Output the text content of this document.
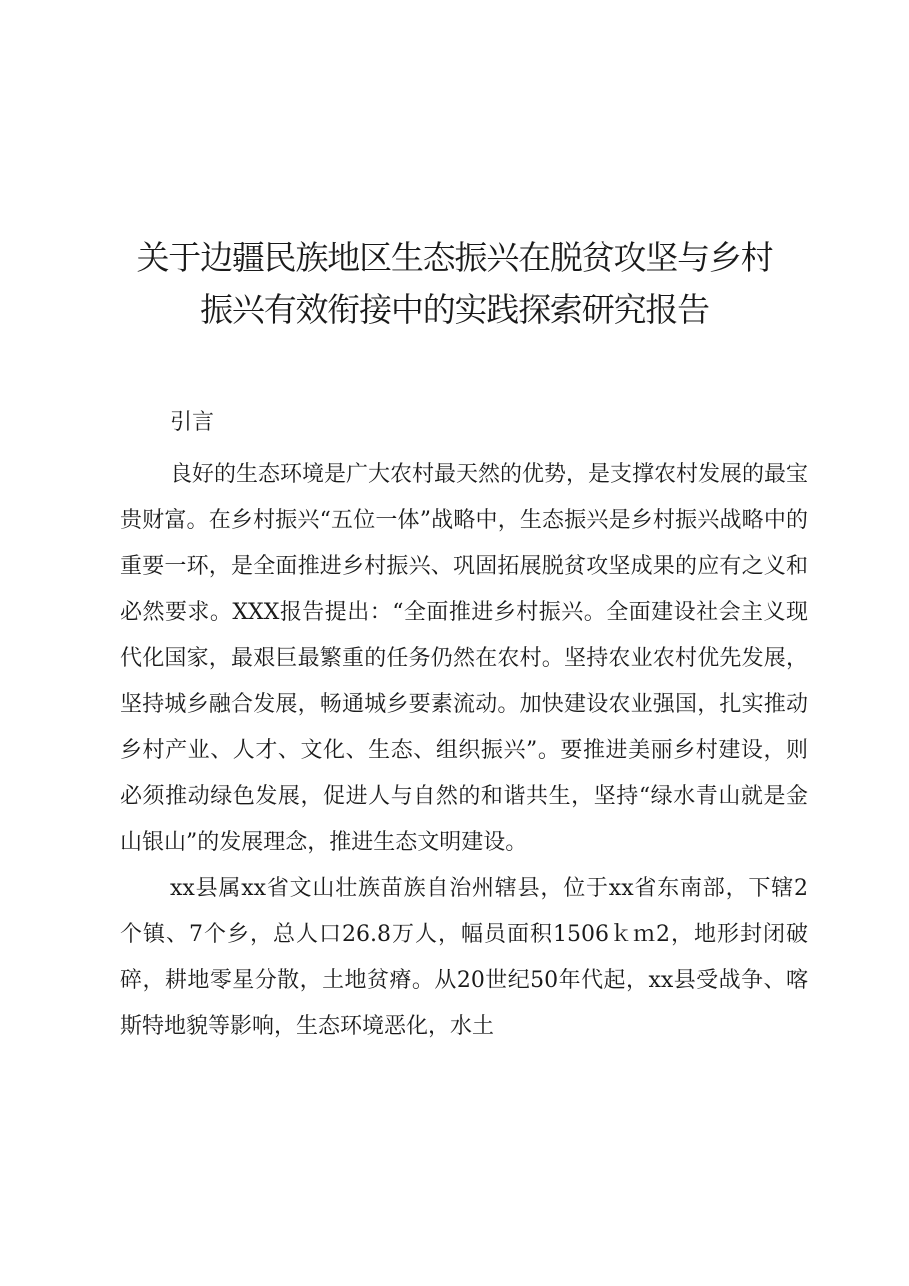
关于边疆民族地区生态振兴在脱贫攻坚与乡村
振兴有效衔接中的实践探索研究报告
引言

良好的生态环境是广大农村最天然的优势，是支撑农村发展的最宝贵财富。在乡村振兴“五位一体”战略中，生态振兴是乡村振兴战略中的重要一环，是全面推进乡村振兴、巩固拓展脱贫攻坚成果的应有之义和必然要求。XXX报告提出：“全面推进乡村振兴。全面建设社会主义现代化国家，最艰巨最繁重的任务仍然在农村。坚持农业农村优先发展，坚持城乡融合发展，畅通城乡要素流动。加快建设农业强国，扎实推动乡村产业、人才、文化、生态、组织振兴”。要推进美丽乡村建设，则必须推动绿色发展，促进人与自然的和谐共生，坚持“绿水青山就是金山银山”的发展理念，推进生态文明建设。

xx县属xx省文山壮族苗族自治州辖县，位于xx省东南部，下辖2个镇、7个乡，总人口26.8万人，幅员面积1506ｋｍ2，地形封闭破碎，耕地零星分散，土地贫瘠。从20世纪50年代起，xx县受战争、喀斯特地貌等影响，生态环境恶化，水土
